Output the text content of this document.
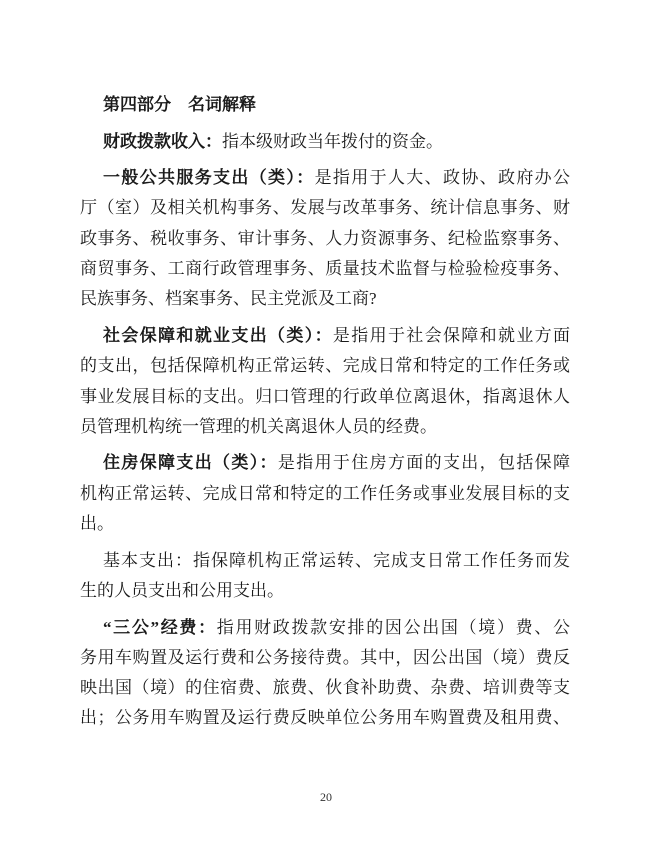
第四部分　名词解释
财政拨款收入：指本级财政当年拨付的资金。
一般公共服务支出（类）：是指用于人大、政协、政府办公
厅（室）及相关机构事务、发展与改革事务、统计信息事务、财
政事务、税收事务、审计事务、人力资源事务、纪检监察事务、
商贸事务、工商行政管理事务、质量技术监督与检验检疫事务、
民族事务、档案事务、民主党派及工商?
社会保障和就业支出（类）：是指用于社会保障和就业方面
的支出，包括保障机构正常运转、完成日常和特定的工作任务或
事业发展目标的支出。归口管理的行政单位离退休，指离退休人
员管理机构统一管理的机关离退休人员的经费。
住房保障支出（类）：是指用于住房方面的支出，包括保障
机构正常运转、完成日常和特定的工作任务或事业发展目标的支
出。
基本支出：指保障机构正常运转、完成支日常工作任务而发
生的人员支出和公用支出。
“三公”经费：指用财政拨款安排的因公出国（境）费、公
务用车购置及运行费和公务接待费。其中，因公出国（境）费反
映出国（境）的住宿费、旅费、伙食补助费、杂费、培训费等支
出；公务用车购置及运行费反映单位公务用车购置费及租用费、
20
